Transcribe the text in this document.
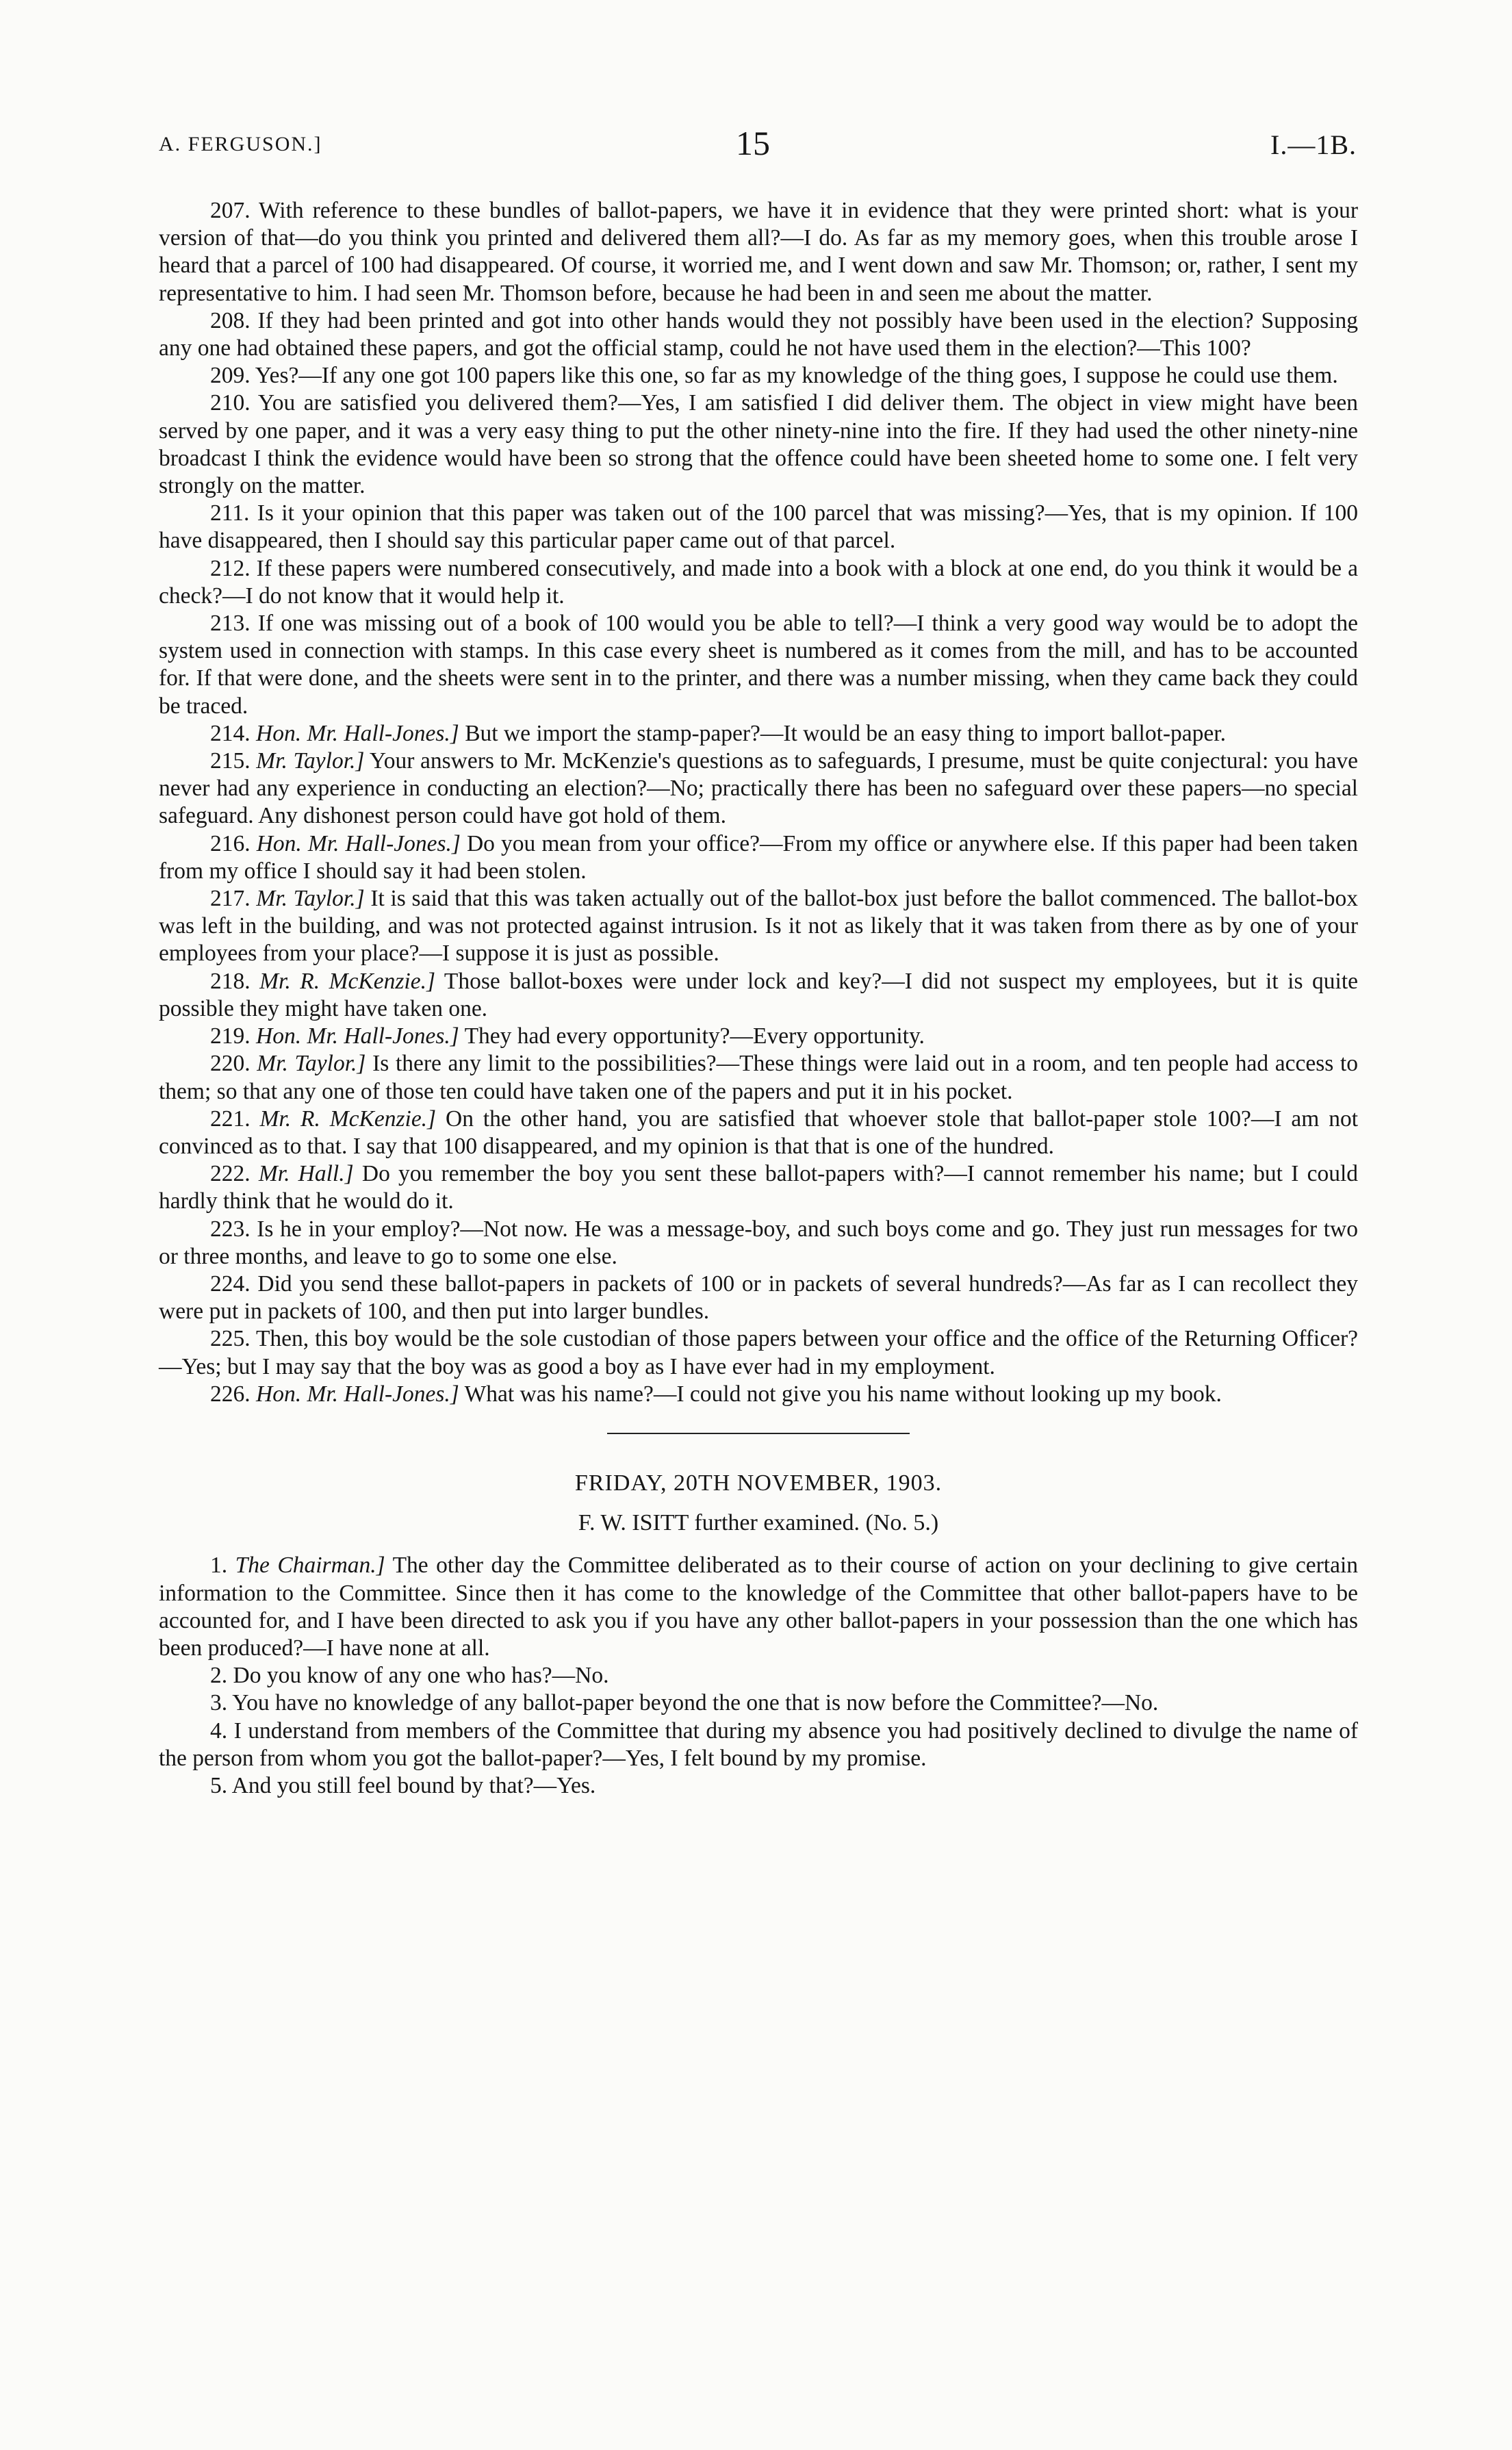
A. FERGUSON.]	15	I.—1B.

207. With reference to these bundles of ballot-papers, we have it in evidence that they were printed short: what is your version of that—do you think you printed and delivered them all?—I do. As far as my memory goes, when this trouble arose I heard that a parcel of 100 had disappeared. Of course, it worried me, and I went down and saw Mr. Thomson; or, rather, I sent my representative to him. I had seen Mr. Thomson before, because he had been in and seen me about the matter.

208. If they had been printed and got into other hands would they not possibly have been used in the election? Supposing any one had obtained these papers, and got the official stamp, could he not have used them in the election?—This 100?

209. Yes?—If any one got 100 papers like this one, so far as my knowledge of the thing goes, I suppose he could use them.

210. You are satisfied you delivered them?—Yes, I am satisfied I did deliver them. The object in view might have been served by one paper, and it was a very easy thing to put the other ninety-nine into the fire. If they had used the other ninety-nine broadcast I think the evidence would have been so strong that the offence could have been sheeted home to some one. I felt very strongly on the matter.

211. Is it your opinion that this paper was taken out of the 100 parcel that was missing?—Yes, that is my opinion. If 100 have disappeared, then I should say this particular paper came out of that parcel.

212. If these papers were numbered consecutively, and made into a book with a block at one end, do you think it would be a check?—I do not know that it would help it.

213. If one was missing out of a book of 100 would you be able to tell?—I think a very good way would be to adopt the system used in connection with stamps. In this case every sheet is numbered as it comes from the mill, and has to be accounted for. If that were done, and the sheets were sent in to the printer, and there was a number missing, when they came back they could be traced.

214. Hon. Mr. Hall-Jones.] But we import the stamp-paper?—It would be an easy thing to import ballot-paper.

215. Mr. Taylor.] Your answers to Mr. McKenzie's questions as to safeguards, I presume, must be quite conjectural: you have never had any experience in conducting an election?—No; practically there has been no safeguard over these papers—no special safeguard. Any dishonest person could have got hold of them.

216. Hon. Mr. Hall-Jones.] Do you mean from your office?—From my office or anywhere else. If this paper had been taken from my office I should say it had been stolen.

217. Mr. Taylor.] It is said that this was taken actually out of the ballot-box just before the ballot commenced. The ballot-box was left in the building, and was not protected against intrusion. Is it not as likely that it was taken from there as by one of your employees from your place?—I suppose it is just as possible.

218. Mr. R. McKenzie.] Those ballot-boxes were under lock and key?—I did not suspect my employees, but it is quite possible they might have taken one.

219. Hon. Mr. Hall-Jones.] They had every opportunity?—Every opportunity.

220. Mr. Taylor.] Is there any limit to the possibilities?—These things were laid out in a room, and ten people had access to them; so that any one of those ten could have taken one of the papers and put it in his pocket.

221. Mr. R. McKenzie.] On the other hand, you are satisfied that whoever stole that ballot-paper stole 100?—I am not convinced as to that. I say that 100 disappeared, and my opinion is that that is one of the hundred.

222. Mr. Hall.] Do you remember the boy you sent these ballot-papers with?—I cannot remember his name; but I could hardly think that he would do it.

223. Is he in your employ?—Not now. He was a message-boy, and such boys come and go. They just run messages for two or three months, and leave to go to some one else.

224. Did you send these ballot-papers in packets of 100 or in packets of several hundreds?—As far as I can recollect they were put in packets of 100, and then put into larger bundles.

225. Then, this boy would be the sole custodian of those papers between your office and the office of the Returning Officer?—Yes; but I may say that the boy was as good a boy as I have ever had in my employment.

226. Hon. Mr. Hall-Jones.] What was his name?—I could not give you his name without looking up my book.

FRIDAY, 20TH NOVEMBER, 1903.
F. W. ISITT further examined. (No. 5.)

1. The Chairman.] The other day the Committee deliberated as to their course of action on your declining to give certain information to the Committee. Since then it has come to the knowledge of the Committee that other ballot-papers have to be accounted for, and I have been directed to ask you if you have any other ballot-papers in your possession than the one which has been produced?—I have none at all.

2. Do you know of any one who has?—No.

3. You have no knowledge of any ballot-paper beyond the one that is now before the Committee?—No.

4. I understand from members of the Committee that during my absence you had positively declined to divulge the name of the person from whom you got the ballot-paper?—Yes, I felt bound by my promise.

5. And you still feel bound by that?—Yes.
